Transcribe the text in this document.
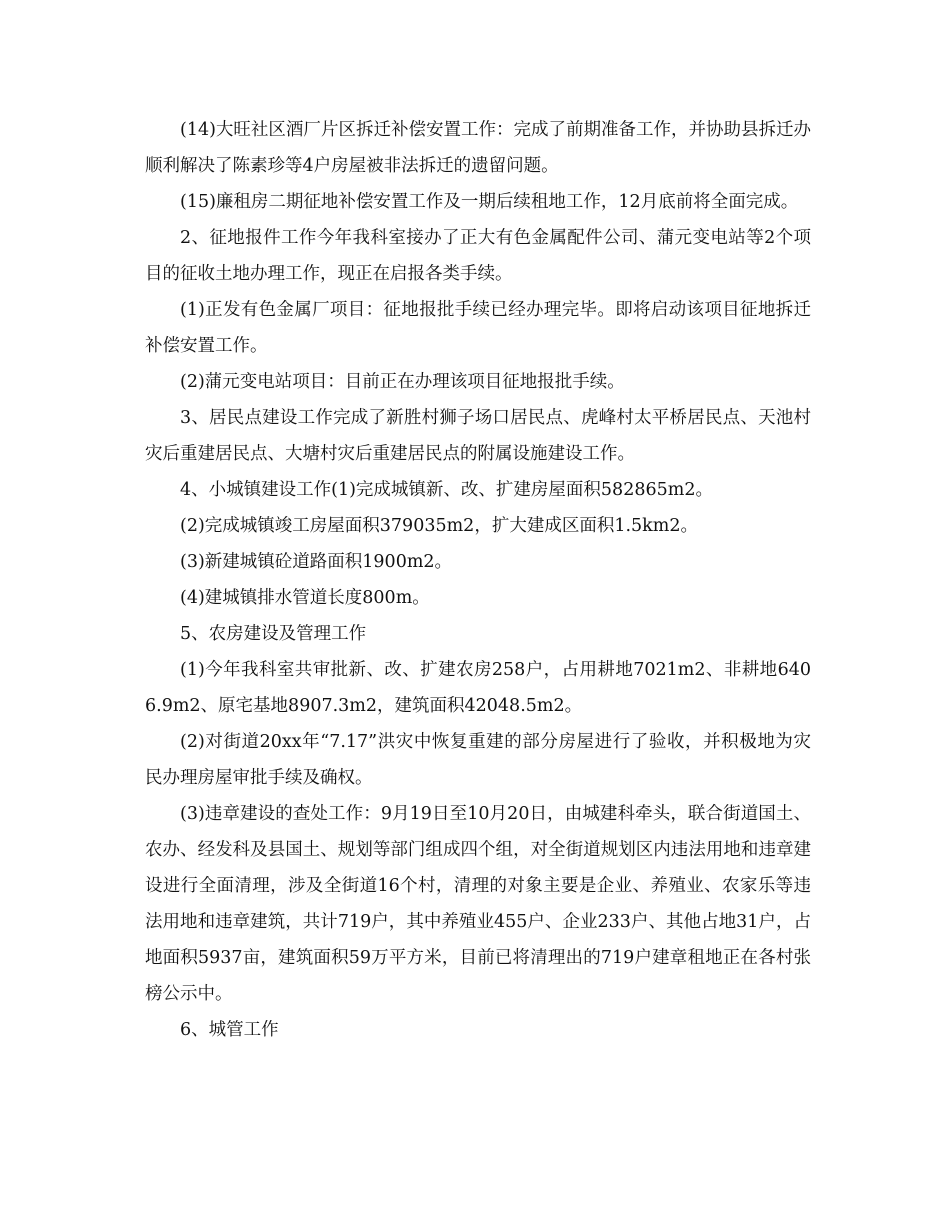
(14)大旺社区酒厂片区拆迁补偿安置工作：完成了前期准备工作，并协助县拆迁办顺利解决了陈素珍等4户房屋被非法拆迁的遗留问题。

(15)廉租房二期征地补偿安置工作及一期后续租地工作，12月底前将全面完成。

2、征地报件工作今年我科室接办了正大有色金属配件公司、蒲元变电站等2个项目的征收土地办理工作，现正在启报各类手续。

(1)正发有色金属厂项目：征地报批手续已经办理完毕。即将启动该项目征地拆迁补偿安置工作。

(2)蒲元变电站项目：目前正在办理该项目征地报批手续。

3、居民点建设工作完成了新胜村狮子场口居民点、虎峰村太平桥居民点、天池村灾后重建居民点、大塘村灾后重建居民点的附属设施建设工作。

4、小城镇建设工作(1)完成城镇新、改、扩建房屋面积582865m2。

(2)完成城镇竣工房屋面积379035m2，扩大建成区面积1.5km2。

(3)新建城镇砼道路面积1900m2。

(4)建城镇排水管道长度800m。

5、农房建设及管理工作

(1)今年我科室共审批新、改、扩建农房258户，占用耕地7021m2、非耕地6406.9m2、原宅基地8907.3m2，建筑面积42048.5m2。

(2)对街道20xx年“7.17”洪灾中恢复重建的部分房屋进行了验收，并积极地为灾民办理房屋审批手续及确权。

(3)违章建设的查处工作：9月19日至10月20日，由城建科牵头，联合街道国土、农办、经发科及县国土、规划等部门组成四个组，对全街道规划区内违法用地和违章建设进行全面清理，涉及全街道16个村，清理的对象主要是企业、养殖业、农家乐等违法用地和违章建筑，共计719户，其中养殖业455户、企业233户、其他占地31户，占地面积5937亩，建筑面积59万平方米，目前已将清理出的719户建章租地正在各村张榜公示中。

6、城管工作
